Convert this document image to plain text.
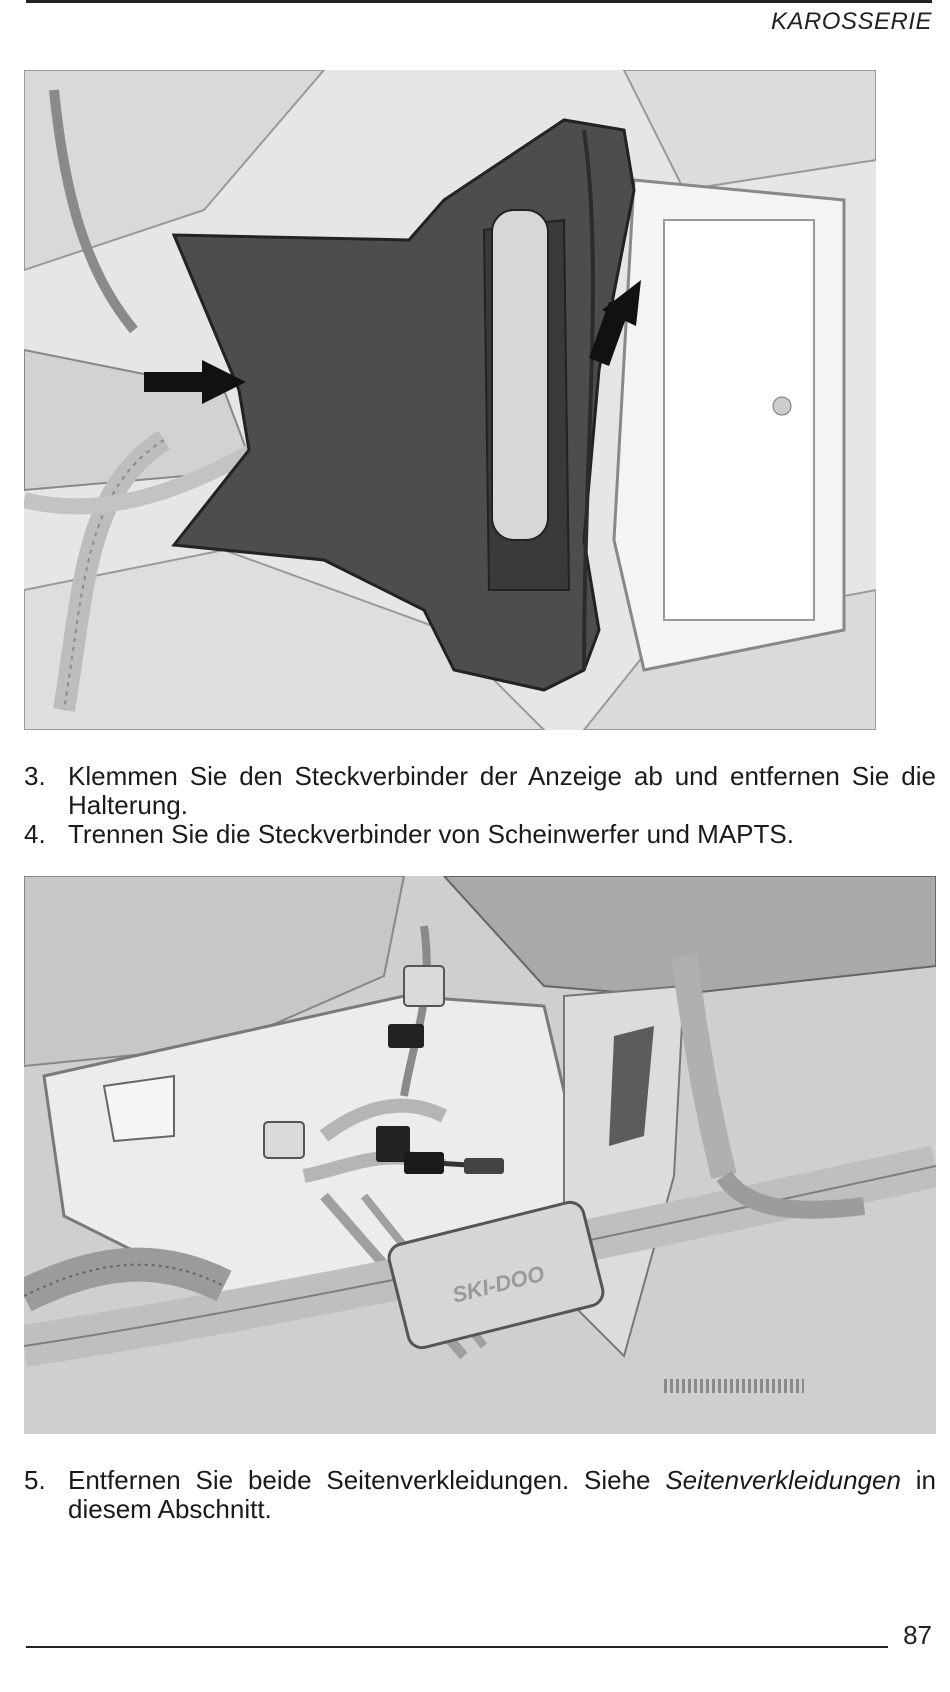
KAROSSERIE
3. Klemmen Sie den Steckverbinder der Anzeige ab und entfernen Sie die Halterung.
4. Trennen Sie die Steckverbinder von Scheinwerfer und MAPTS.
SKI-DOO
5. Entfernen Sie beide Seitenverkleidungen. Siehe Seitenverkleidungen in diesem Abschnitt.
87
